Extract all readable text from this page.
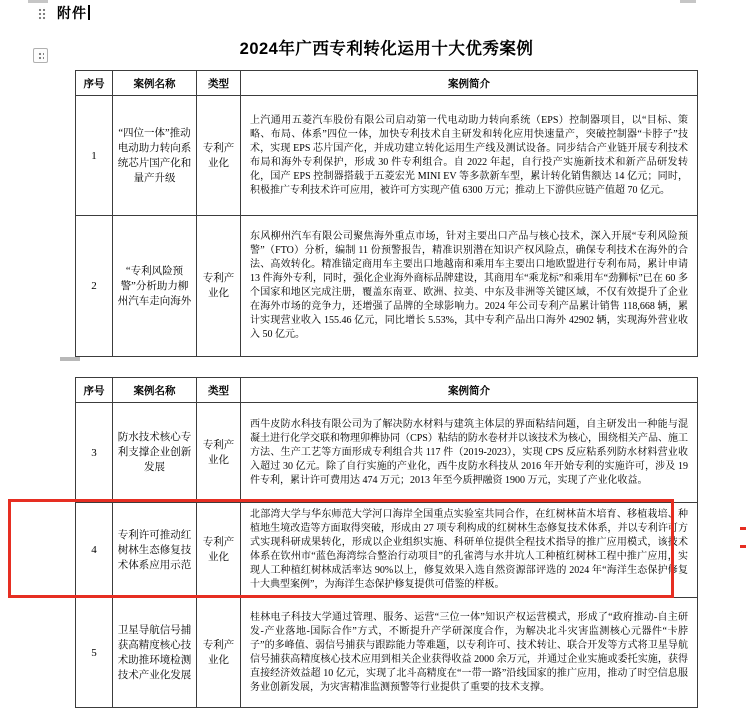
附件
2024年广西专利转化运用十大优秀案例
序号	案例名称	类型	案例简介
1	“四位一体”推动电动助力转向系统芯片国产化和量产升级	专利产业化	上汽通用五菱汽车股份有限公司启动第一代电动助力转向系统（EPS）控制器项目，以“目标、策略、布局、体系”四位一体，加快专利技术自主研发和转化应用快速量产，突破控制器“卡脖子”技术，实现 EPS 芯片国产化，并成功建立转化运用生产线及测试设备。同步结合产业链开展专利技术布局和海外专利保护，形成 30 件专利组合。自 2022 年起，自行投产实施新技术和新产品研发转化，国产 EPS 控制器搭载于五菱宏光 MINI EV 等多款新车型，累计转化销售额达 14 亿元；同时，积极推广专利技术许可应用，被许可方实现产值 6300 万元；推动上下游供应链产值超 70 亿元。
2	“专利风险预警”分析助力柳州汽车走向海外	专利产业化	东风柳州汽车有限公司聚焦海外重点市场，针对主要出口产品与核心技术，深入开展“专利风险预警”（FTO）分析，编制 11 份预警报告，精准识别潜在知识产权风险点，确保专利技术在海外的合法、高效转化。精准锚定商用车主要出口地越南和乘用车主要出口地欧盟进行专利布局，累计申请 13 件海外专利，同时，强化企业海外商标品牌建设，其商用车“乘龙标”和乘用车“劲狮标”已在 60 多个国家和地区完成注册，覆盖东南亚、欧洲、拉美、中东及非洲等关键区域，不仅有效提升了企业在海外市场的竞争力，还增强了品牌的全球影响力。2024 年公司专利产品累计销售 118,668 辆，累计实现营业收入 155.46 亿元，同比增长 5.53%，其中专利产品出口海外 42902 辆，实现海外营业收入 50 亿元。
序号	案例名称	类型	案例简介
3	防水技术核心专利支撑企业创新发展	专利产业化	西牛皮防水科技有限公司为了解决防水材料与建筑主体层的界面粘结问题，自主研发出一种能与混凝土进行化学交联和物理卯榫协同（CPS）粘结的防水卷材并以该技术为核心，围绕相关产品、施工方法、生产工艺等方面形成专利组合共 117 件（2019-2023），实现 CPS 反应粘系列防水材料营业收入超过 30 亿元。除了自行实施的产业化，西牛皮防水科技从 2016 年开始专利的实施许可，涉及 19 件专利，累计许可费用达 474 万元；2013 年至今质押融资 1900 万元，实现了产业化收益。
4	专利许可推动红树林生态修复技术体系应用示范	专利产业化	北部湾大学与华东师范大学河口海岸全国重点实验室共同合作，在红树林苗木培育、移植栽培、种植地生境改造等方面取得突破，形成由 27 项专利构成的红树林生态修复技术体系，并以专利许可方式实现科研成果转化，形成以企业组织实施、科研单位提供全程技术指导的推广应用模式，该技术体系在钦州市“蓝色海湾综合整治行动项目”的孔雀湾与水井坑人工种植红树林工程中推广应用，实现人工种植红树林成活率达 90%以上，修复效果入选自然资源部评选的 2024 年“海洋生态保护修复十大典型案例”，为海洋生态保护修复提供可借鉴的样板。
5	卫星导航信号捕获高精度核心技术助推环境检测技术产业化发展	专利产业化	桂林电子科技大学通过管理、服务、运营“三位一体”知识产权运营模式，形成了“政府推动-自主研发-产业落地-国际合作”方式，不断提升产学研深度合作，为解决北斗灾害监测核心元器件“卡脖子”的多峰值、弱信号捕获与跟踪能力等难题，以专利许可、技术转让、联合开发等方式将卫星导航信号捕获高精度核心技术应用到相关企业获得收益 2000 余万元，并通过企业实施或委托实施，获得直接经济效益超 10 亿元，实现了北斗高精度在“一带一路”沿线国家的推广应用，推动了时空信息服务业创新发展，为灾害精准监测预警等行业提供了重要的技术支撑。
